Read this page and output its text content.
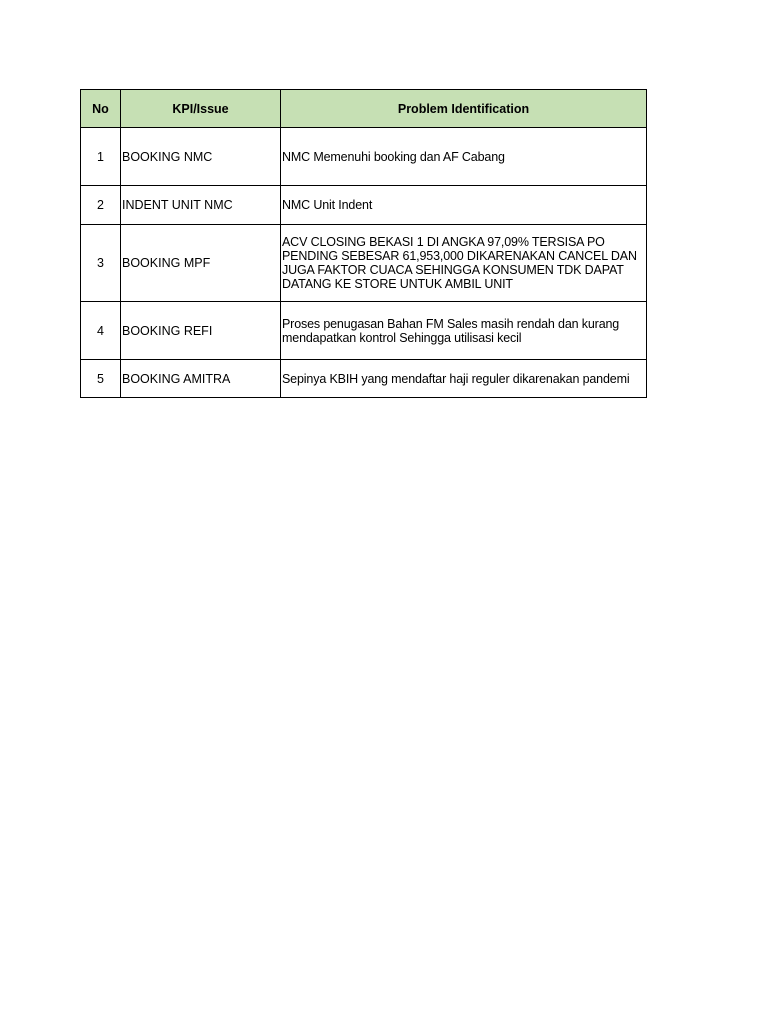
No	KPI/Issue	Problem Identification
1	BOOKING NMC	NMC Memenuhi booking dan AF Cabang
2	INDENT UNIT NMC	NMC Unit Indent
3	BOOKING MPF	ACV CLOSING BEKASI 1 DI ANGKA 97,09% TERSISA PO PENDING SEBESAR 61,953,000 DIKARENAKAN CANCEL DAN JUGA FAKTOR CUACA SEHINGGA KONSUMEN TDK DAPAT DATANG KE STORE UNTUK AMBIL UNIT
4	BOOKING REFI	Proses penugasan Bahan FM Sales masih rendah dan kurang mendapatkan kontrol Sehingga utilisasi kecil
5	BOOKING AMITRA	Sepinya KBIH yang mendaftar haji reguler dikarenakan pandemi
